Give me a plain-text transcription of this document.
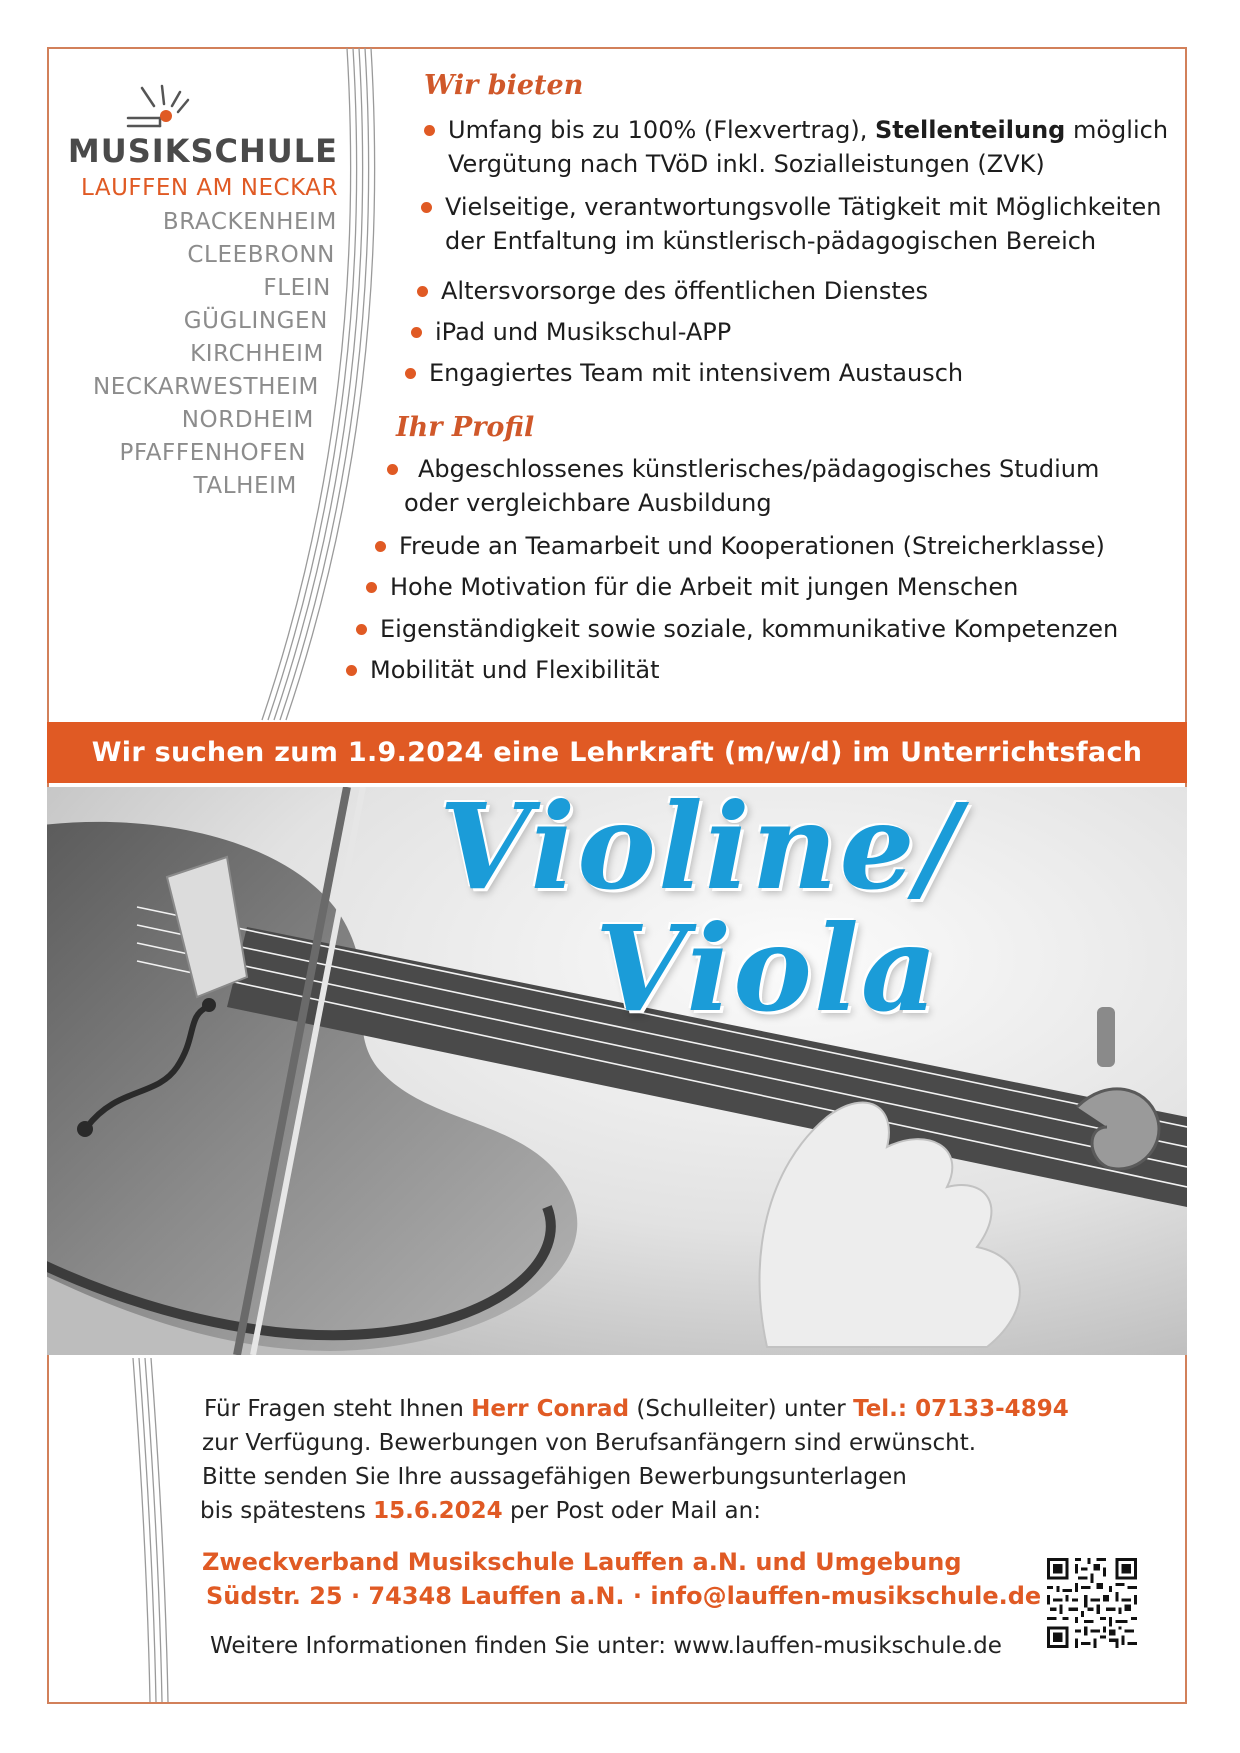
MUSIKSCHULE
LAUFFEN AM NECKAR
BRACKENHEIM
CLEEBRONN
FLEIN
GÜGLINGEN
KIRCHHEIM
NECKARWESTHEIM
NORDHEIM
PFAFFENHOFEN
TALHEIM
Wir bieten
Umfang bis zu 100% (Flexvertrag), Stellenteilung möglich
Vergütung nach TVöD inkl. Sozialleistungen (ZVK)
Vielseitige, verantwortungsvolle Tätigkeit mit Möglichkeiten
der Entfaltung im künstlerisch-pädagogischen Bereich
Altersvorsorge des öffentlichen Dienstes
iPad und Musikschul-APP
Engagiertes Team mit intensivem Austausch
Ihr Profil
Abgeschlossenes künstlerisches/pädagogisches Studium
oder vergleichbare Ausbildung
Freude an Teamarbeit und Kooperationen (Streicherklasse)
Hohe Motivation für die Arbeit mit jungen Menschen
Eigenständigkeit sowie soziale, kommunikative Kompetenzen
Mobilität und Flexibilität
Wir suchen zum 1.9.2024 eine Lehrkraft (m/w/d) im Unterrichtsfach
Violine/
Viola
Für Fragen steht Ihnen Herr Conrad (Schulleiter) unter Tel.: 07133-4894
zur Verfügung. Bewerbungen von Berufsanfängern sind erwünscht.
Bitte senden Sie Ihre aussagefähigen Bewerbungsunterlagen
bis spätestens 15.6.2024 per Post oder Mail an:
Zweckverband Musikschule Lauffen a.N. und Umgebung
Südstr. 25 · 74348 Lauffen a.N. · info@lauffen-musikschule.de
Weitere Informationen finden Sie unter: www.lauffen-musikschule.de
